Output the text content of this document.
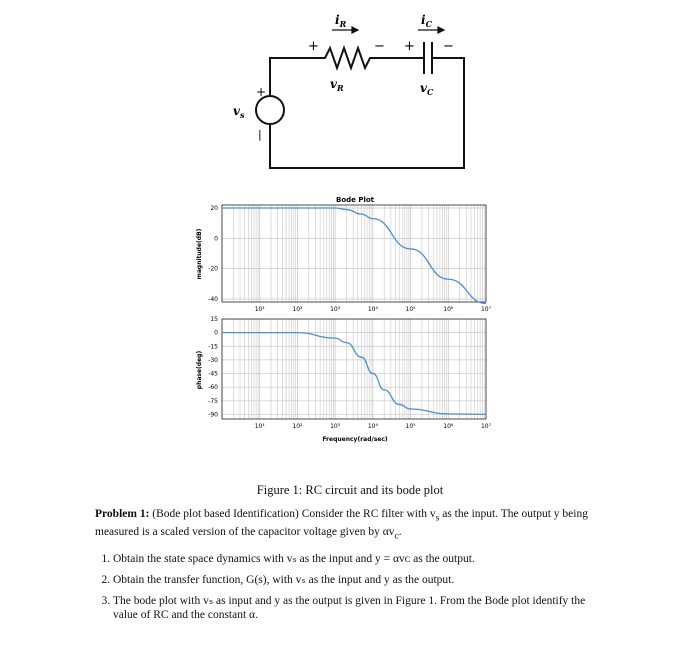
$i_R$	$i_C$
$v_R$	$v_C$
$v_s$
+	− + −
+
|
Bode Plot
20
0
-20
-40
10¹	10²	10³	10⁴	10⁵	10⁶	10⁷
15
0
-15
-30
-45
-60
-75
-90
10¹	10²	10³	10⁴	10⁵	10⁶	10⁷
magnitude(dB)
phase(deg)
Frequency(rad/sec)
Figure 1: RC circuit and its bode plot
Problem 1: (Bode plot based Identification) Consider the RC filter with $v_s$ as the input. The output y being measured is a scaled version of the capacitor voltage given by $\alpha v_c$.
1. Obtain the state space dynamics with vₛ as the input and y = αvᴄ as the output.
2. Obtain the transfer function, G(s), with vₛ as the input and y as the output.
3. The bode plot with vₛ as input and y as the output is given in Figure 1. From the Bode plot identify the value of RC and the constant α.
